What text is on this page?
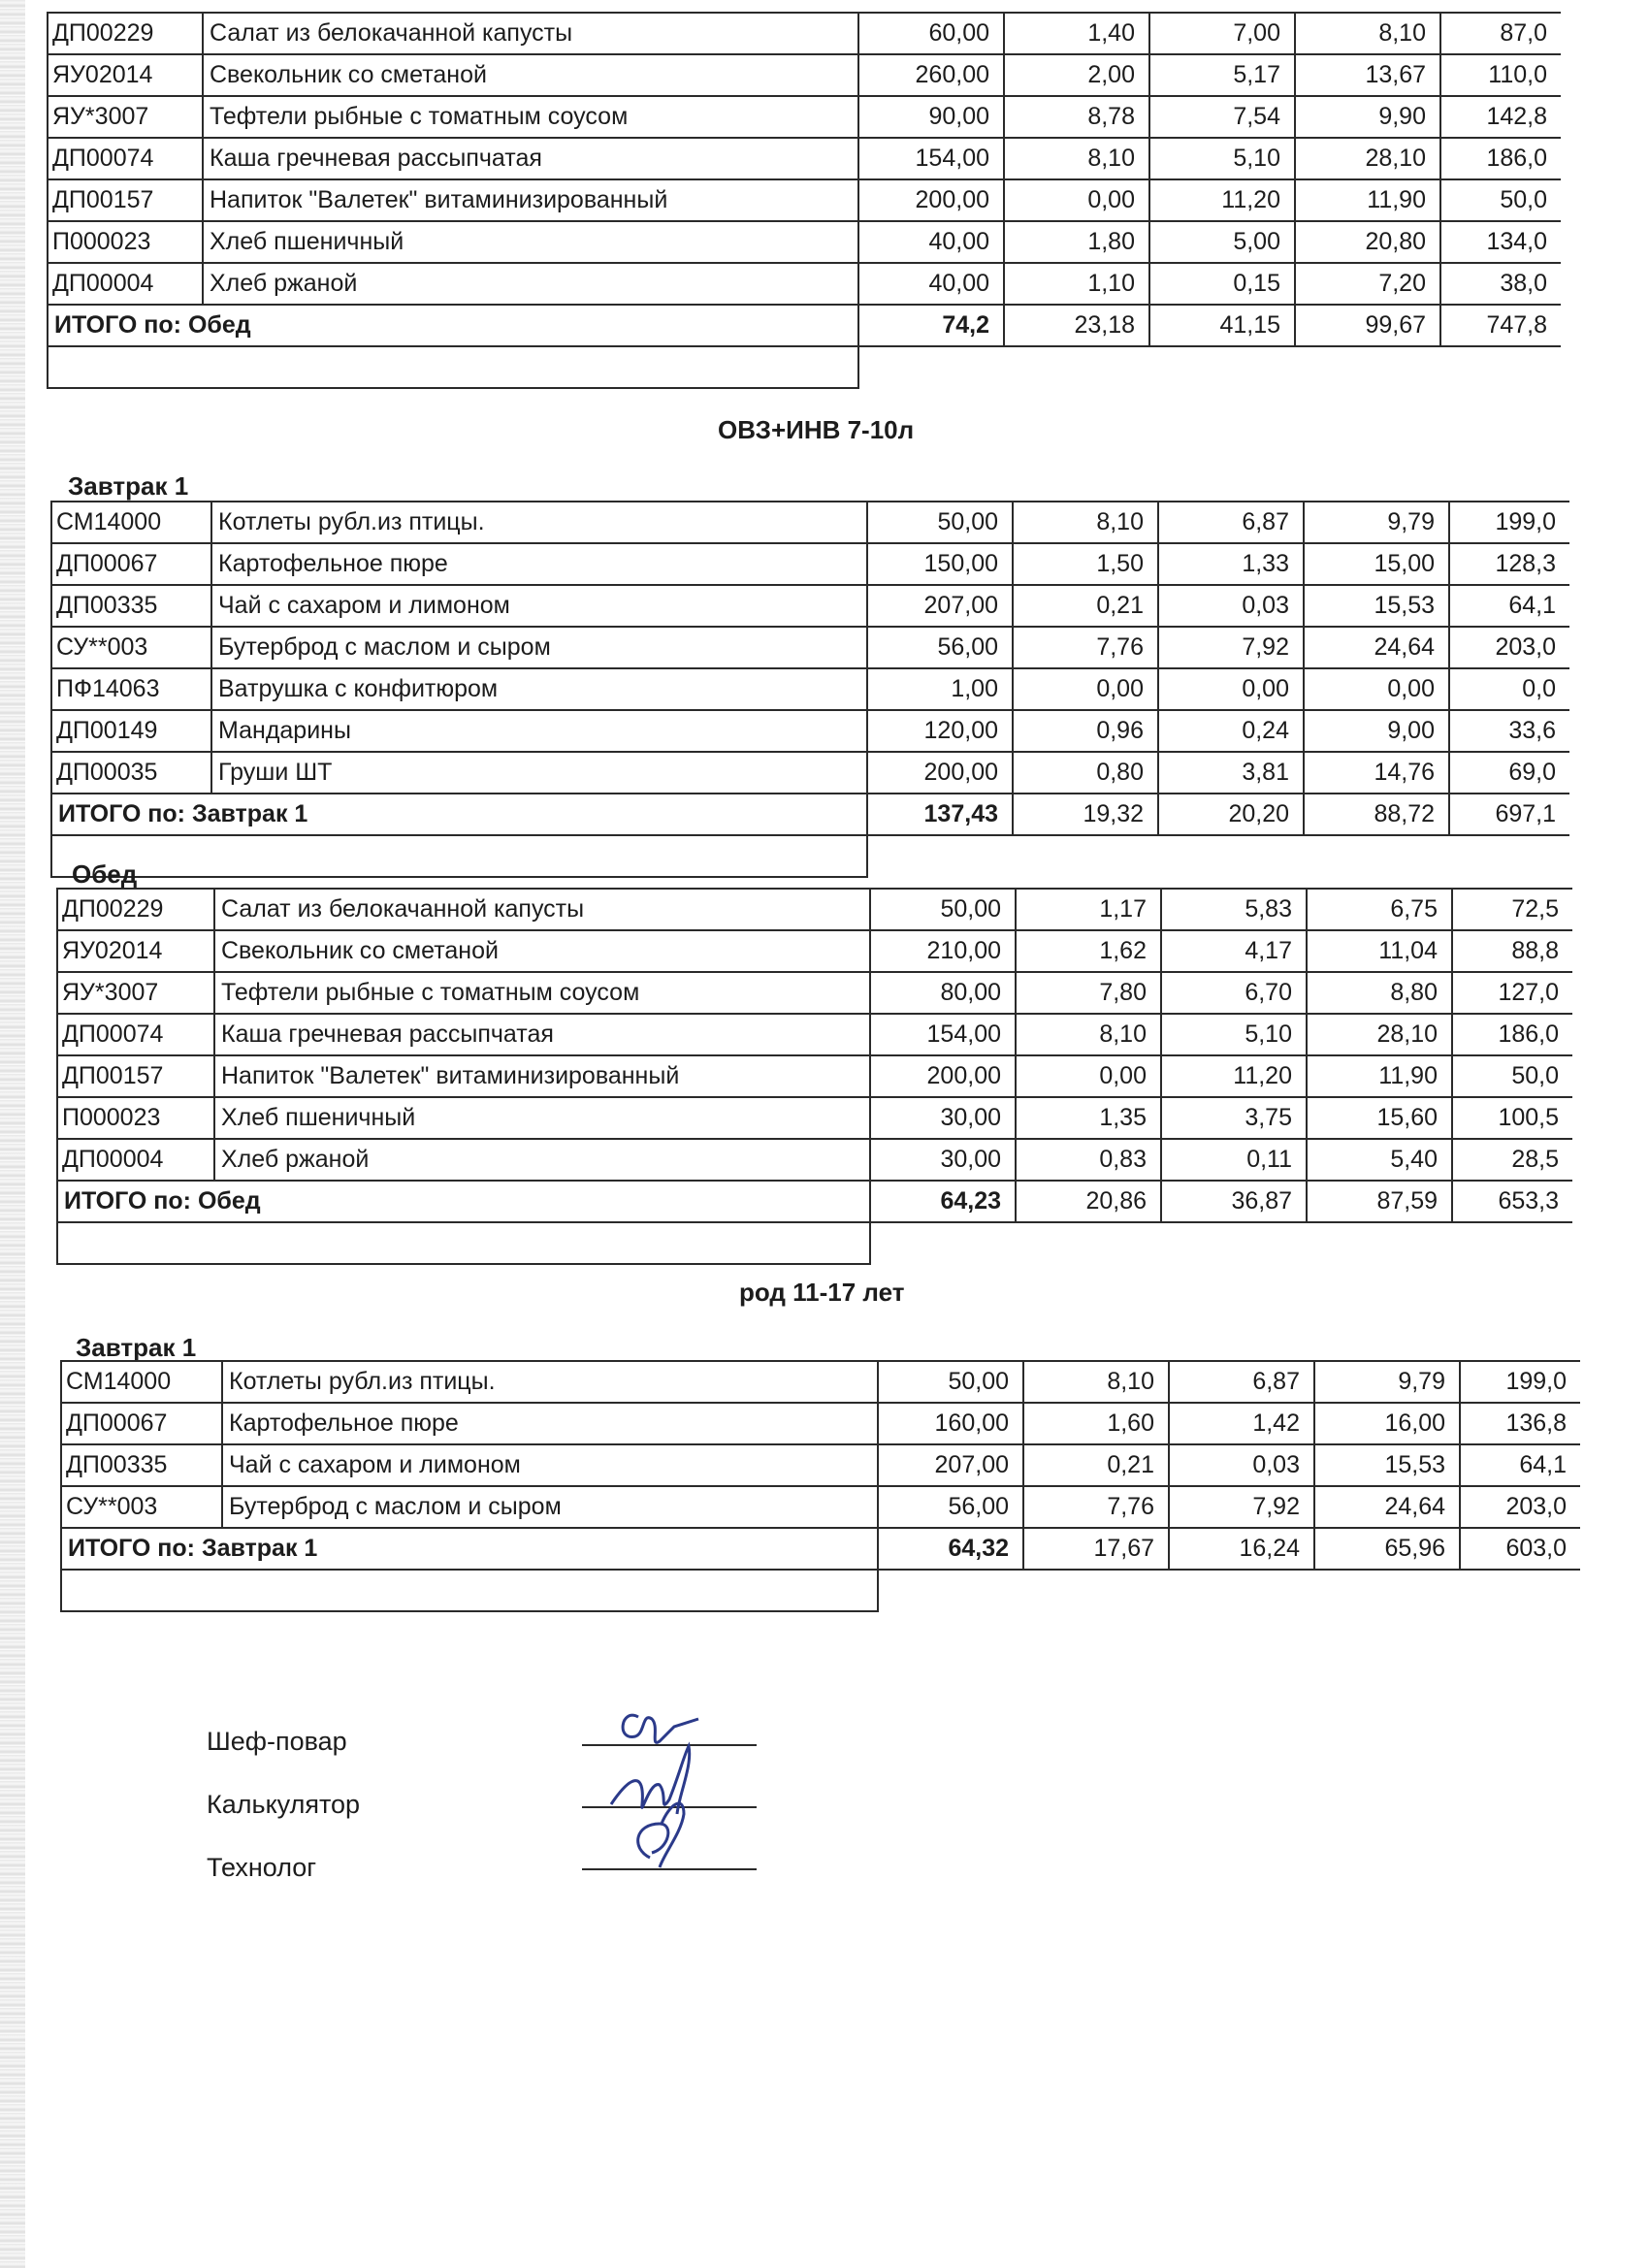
ДП00229	Салат из белокачанной капусты	60,00	1,40	7,00	8,10	87,0
ЯУ02014	Свекольник со сметаной	260,00	2,00	5,17	13,67	110,0
ЯУ*3007	Тефтели рыбные с томатным соусом	90,00	8,78	7,54	9,90	142,8
ДП00074	Каша гречневая рассыпчатая	154,00	8,10	5,10	28,10	186,0
ДП00157	Напиток "Валетек" витаминизированный	200,00	0,00	11,20	11,90	50,0
П000023	Хлеб пшеничный	40,00	1,80	5,00	20,80	134,0
ДП00004	Хлеб ржаной	40,00	1,10	0,15	7,20	38,0
ИТОГО по: Обед		74,2	23,18	41,15	99,67	747,8

ОВЗ+ИНВ 7-10л
Завтрак 1
СМ14000	Котлеты рубл.из птицы.	50,00	8,10	6,87	9,79	199,0
ДП00067	Картофельное пюре	150,00	1,50	1,33	15,00	128,3
ДП00335	Чай с сахаром и лимоном	207,00	0,21	0,03	15,53	64,1
СУ**003	Бутерброд с маслом и сыром	56,00	7,76	7,92	24,64	203,0
ПФ14063	Ватрушка с конфитюром	1,00	0,00	0,00	0,00	0,0
ДП00149	Мандарины	120,00	0,96	0,24	9,00	33,6
ДП00035	Груши ШТ	200,00	0,80	3,81	14,76	69,0
ИТОГО по: Завтрак 1		137,43	19,32	20,20	88,72	697,1

Обед
ДП00229	Салат из белокачанной капусты	50,00	1,17	5,83	6,75	72,5
ЯУ02014	Свекольник со сметаной	210,00	1,62	4,17	11,04	88,8
ЯУ*3007	Тефтели рыбные с томатным соусом	80,00	7,80	6,70	8,80	127,0
ДП00074	Каша гречневая рассыпчатая	154,00	8,10	5,10	28,10	186,0
ДП00157	Напиток "Валетек" витаминизированный	200,00	0,00	11,20	11,90	50,0
П000023	Хлеб пшеничный	30,00	1,35	3,75	15,60	100,5
ДП00004	Хлеб ржаной	30,00	0,83	0,11	5,40	28,5
ИТОГО по: Обед		64,23	20,86	36,87	87,59	653,3

род 11-17 лет
Завтрак 1
СМ14000	Котлеты рубл.из птицы.	50,00	8,10	6,87	9,79	199,0
ДП00067	Картофельное пюре	160,00	1,60	1,42	16,00	136,8
ДП00335	Чай с сахаром и лимоном	207,00	0,21	0,03	15,53	64,1
СУ**003	Бутерброд с маслом и сыром	56,00	7,76	7,92	24,64	203,0
ИТОГО по: Завтрак 1		64,32	17,67	16,24	65,96	603,0

Шеф-повар
Калькулятор
Технолог
